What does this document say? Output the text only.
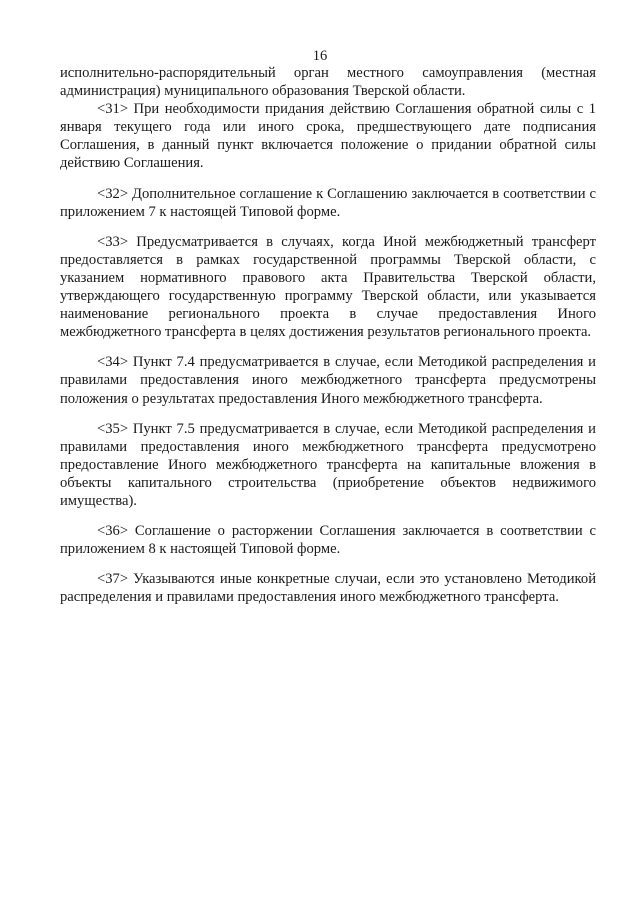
16

исполнительно-распорядительный орган местного самоуправления (местная администрация) муниципального образования Тверской области.

<31> При необходимости придания действию Соглашения обратной силы с 1 января текущего года или иного срока, предшествующего дате подписания Соглашения, в данный пункт включается положение о придании обратной силы действию Соглашения.

<32> Дополнительное соглашение к Соглашению заключается в соответствии с приложением 7 к настоящей Типовой форме.

<33> Предусматривается в случаях, когда Иной межбюджетный трансферт предоставляется в рамках государственной программы Тверской области, с указанием нормативного правового акта Правительства Тверской области, утверждающего государственную программу Тверской области, или указывается наименование регионального проекта в случае предоставления Иного межбюджетного трансферта в целях достижения результатов регионального проекта.

<34> Пункт 7.4 предусматривается в случае, если Методикой распределения и правилами предоставления иного межбюджетного трансферта предусмотрены положения о результатах предоставления Иного межбюджетного трансферта.

<35> Пункт 7.5 предусматривается в случае, если Методикой распределения и правилами предоставления иного межбюджетного трансферта предусмотрено предоставление Иного межбюджетного трансферта на капитальные вложения в объекты капитального строительства (приобретение объектов недвижимого имущества).

<36> Соглашение о расторжении Соглашения заключается в соответствии с приложением 8 к настоящей Типовой форме.

<37> Указываются иные конкретные случаи, если это установлено Методикой распределения и правилами предоставления иного межбюджетного трансферта.
